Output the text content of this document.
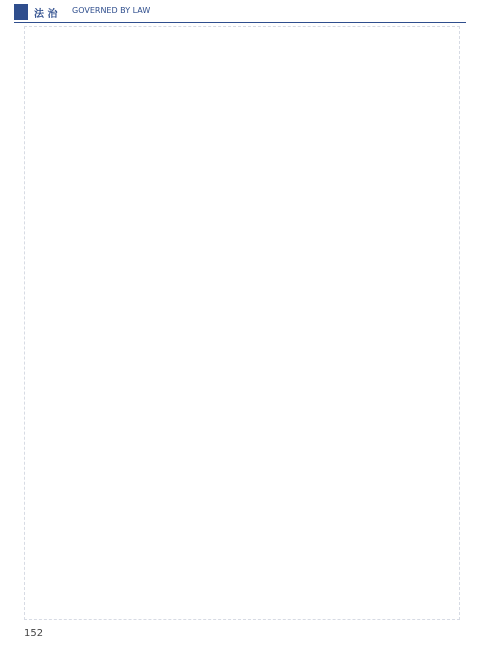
法 治 GOVERNED BY LAW
152
